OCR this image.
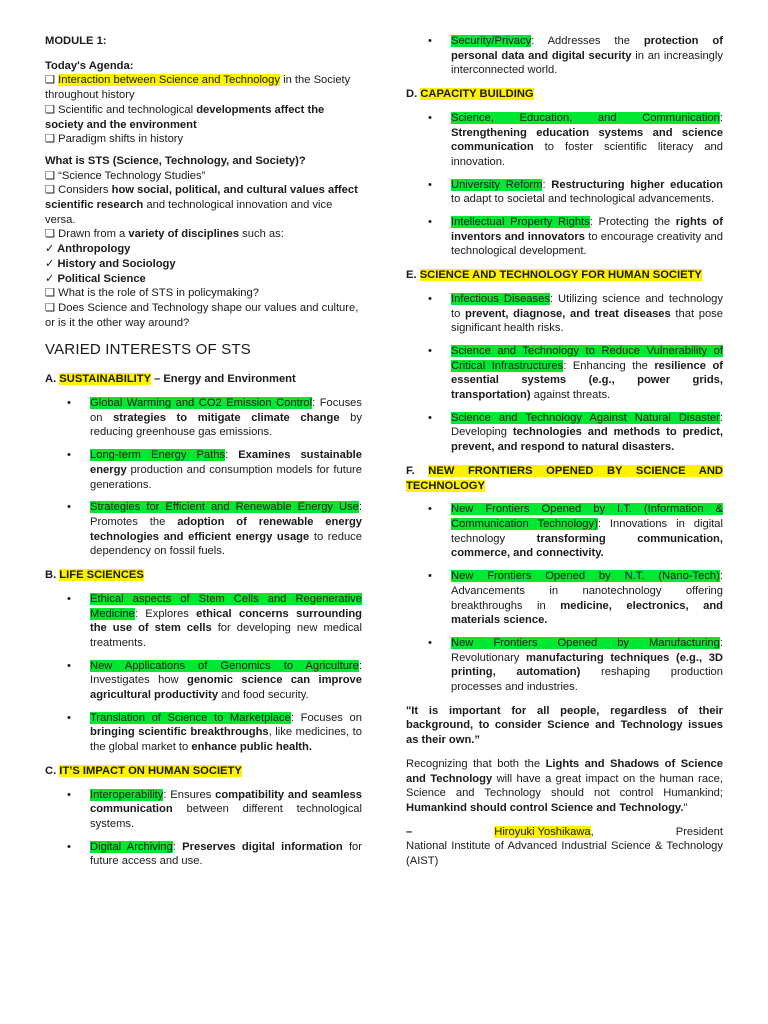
MODULE 1:

Today's Agenda:

❑ Interaction between Science and Technology in the Society throughout history

❑ Scientific and technological developments affect the society and the environment

❑ Paradigm shifts in history

What is STS (Science, Technology, and Society)?

❑ “Science Technology Studies”

❑ Considers how social, political, and cultural values affect scientific research and technological innovation and vice versa.

❑ Drawn from a variety of disciplines such as:

✓ Anthropology

✓ History and Sociology

✓ Political Science

❑ What is the role of STS in policymaking?

❑ Does Science and Technology shape our values and culture, or is it the other way around?

VARIED INTERESTS OF STS

A. SUSTAINABILITY – Energy and Environment

• Global Warming and CO2 Emission Control: Focuses on strategies to mitigate climate change by reducing greenhouse gas emissions.
• Long-term Energy Paths: Examines sustainable energy production and consumption models for future generations.
• Strategies for Efficient and Renewable Energy Use: Promotes the adoption of renewable energy technologies and efficient energy usage to reduce dependency on fossil fuels.

B. LIFE SCIENCES

• Ethical aspects of Stem Cells and Regenerative Medicine: Explores ethical concerns surrounding the use of stem cells for developing new medical treatments.
• New Applications of Genomics to Agriculture: Investigates how genomic science can improve agricultural productivity and food security.
• Translation of Science to Marketplace: Focuses on bringing scientific breakthroughs, like medicines, to the global market to enhance public health.

C. IT’S IMPACT ON HUMAN SOCIETY

• Interoperability: Ensures compatibility and seamless communication between different technological systems.
• Digital Archiving: Preserves digital information for future access and use.
• Security/Privacy: Addresses the protection of personal data and digital security in an increasingly interconnected world.

D. CAPACITY BUILDING

• Science, Education, and Communication: Strengthening education systems and science communication to foster scientific literacy and innovation.
• University Reform: Restructuring higher education to adapt to societal and technological advancements.
• Intellectual Property Rights: Protecting the rights of inventors and innovators to encourage creativity and technological development.

E. SCIENCE AND TECHNOLOGY FOR HUMAN SOCIETY

• Infectious Diseases: Utilizing science and technology to prevent, diagnose, and treat diseases that pose significant health risks.
• Science and Technology to Reduce Vulnerability of Critical Infrastructures: Enhancing the resilience of essential systems (e.g., power grids, transportation) against threats.
• Science and Technology Against Natural Disaster: Developing technologies and methods to predict, prevent, and respond to natural disasters.

F. NEW FRONTIERS OPENED BY SCIENCE AND TECHNOLOGY

• New Frontiers Opened by I.T. (Information & Communication Technology): Innovations in digital technology transforming communication, commerce, and connectivity.
• New Frontiers Opened by N.T. (Nano-Tech): Advancements in nanotechnology offering breakthroughs in medicine, electronics, and materials science.
• New Frontiers Opened by Manufacturing: Revolutionary manufacturing techniques (e.g., 3D printing, automation) reshaping production processes and industries.

"It is important for all people, regardless of their background, to consider Science and Technology issues as their own.”

Recognizing that both the Lights and Shadows of Science and Technology will have a great impact on the human race, Science and Technology should not control Humankind; Humankind should control Science and Technology."

–	Hiroyuki Yoshikawa,	President

National Institute of Advanced Industrial Science & Technology (AIST)
